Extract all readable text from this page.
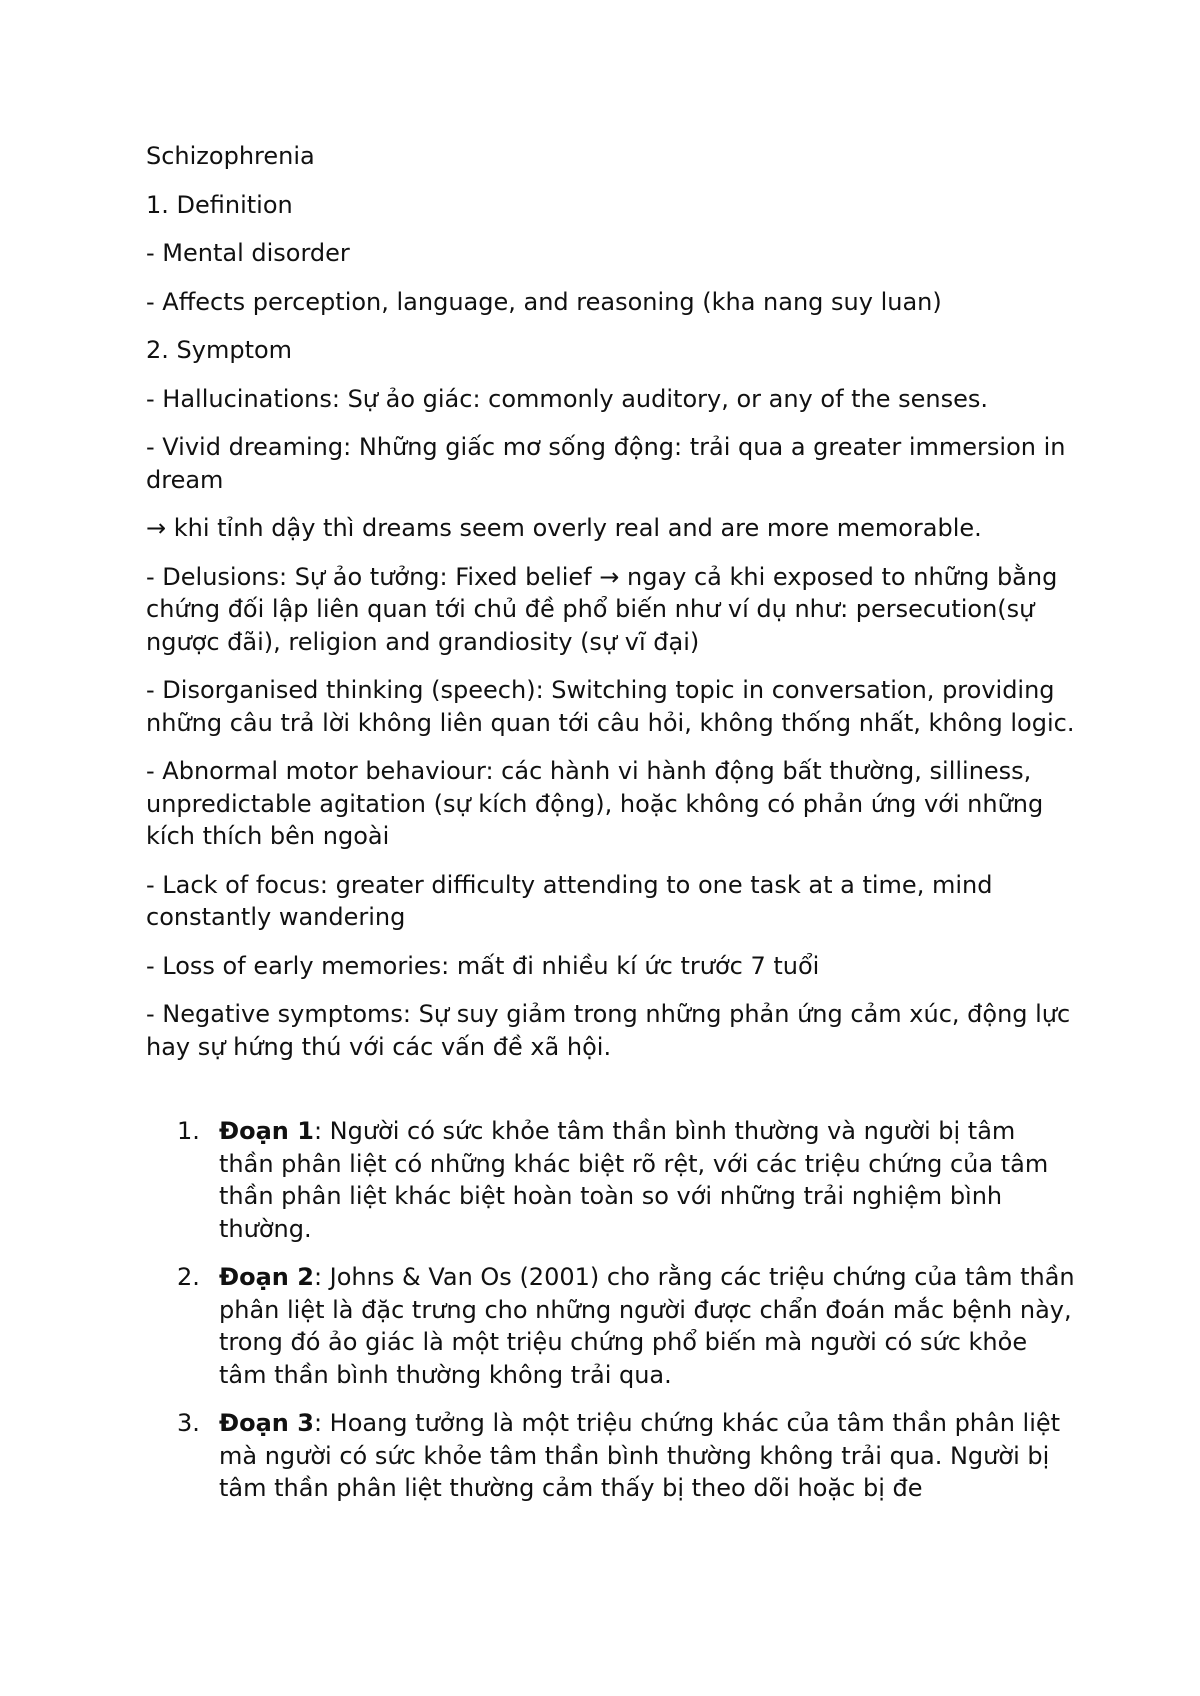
Schizophrenia

1. Definition

- Mental disorder

- Affects perception, language, and reasoning (kha nang suy luan)

2. Symptom

- Hallucinations: Sự ảo giác: commonly auditory, or any of the senses.

- Vivid dreaming: Những giấc mơ sống động: trải qua a greater immersion in dream

→ khi tỉnh dậy thì dreams seem overly real and are more memorable.

- Delusions: Sự ảo tưởng: Fixed belief → ngay cả khi exposed to những bằng chứng đối lập liên quan tới chủ đề phổ biến như ví dụ như: persecution(sự ngược đãi), religion and grandiosity (sự vĩ đại)

- Disorganised thinking (speech): Switching topic in conversation, providing những câu trả lời không liên quan tới câu hỏi, không thống nhất, không logic.

- Abnormal motor behaviour: các hành vi hành động bất thường, silliness, unpredictable agitation (sự kích động), hoặc không có phản ứng với những kích thích bên ngoài

- Lack of focus: greater difficulty attending to one task at a time, mind constantly wandering

- Loss of early memories: mất đi nhiều kí ức trước 7 tuổi

- Negative symptoms: Sự suy giảm trong những phản ứng cảm xúc, động lực hay sự hứng thú với các vấn đề xã hội.

1. Đoạn 1: Người có sức khỏe tâm thần bình thường và người bị tâm thần phân liệt có những khác biệt rõ rệt, với các triệu chứng của tâm thần phân liệt khác biệt hoàn toàn so với những trải nghiệm bình thường.
2. Đoạn 2: Johns & Van Os (2001) cho rằng các triệu chứng của tâm thần phân liệt là đặc trưng cho những người được chẩn đoán mắc bệnh này, trong đó ảo giác là một triệu chứng phổ biến mà người có sức khỏe tâm thần bình thường không trải qua.
3. Đoạn 3: Hoang tưởng là một triệu chứng khác của tâm thần phân liệt mà người có sức khỏe tâm thần bình thường không trải qua. Người bị tâm thần phân liệt thường cảm thấy bị theo dõi hoặc bị đe
